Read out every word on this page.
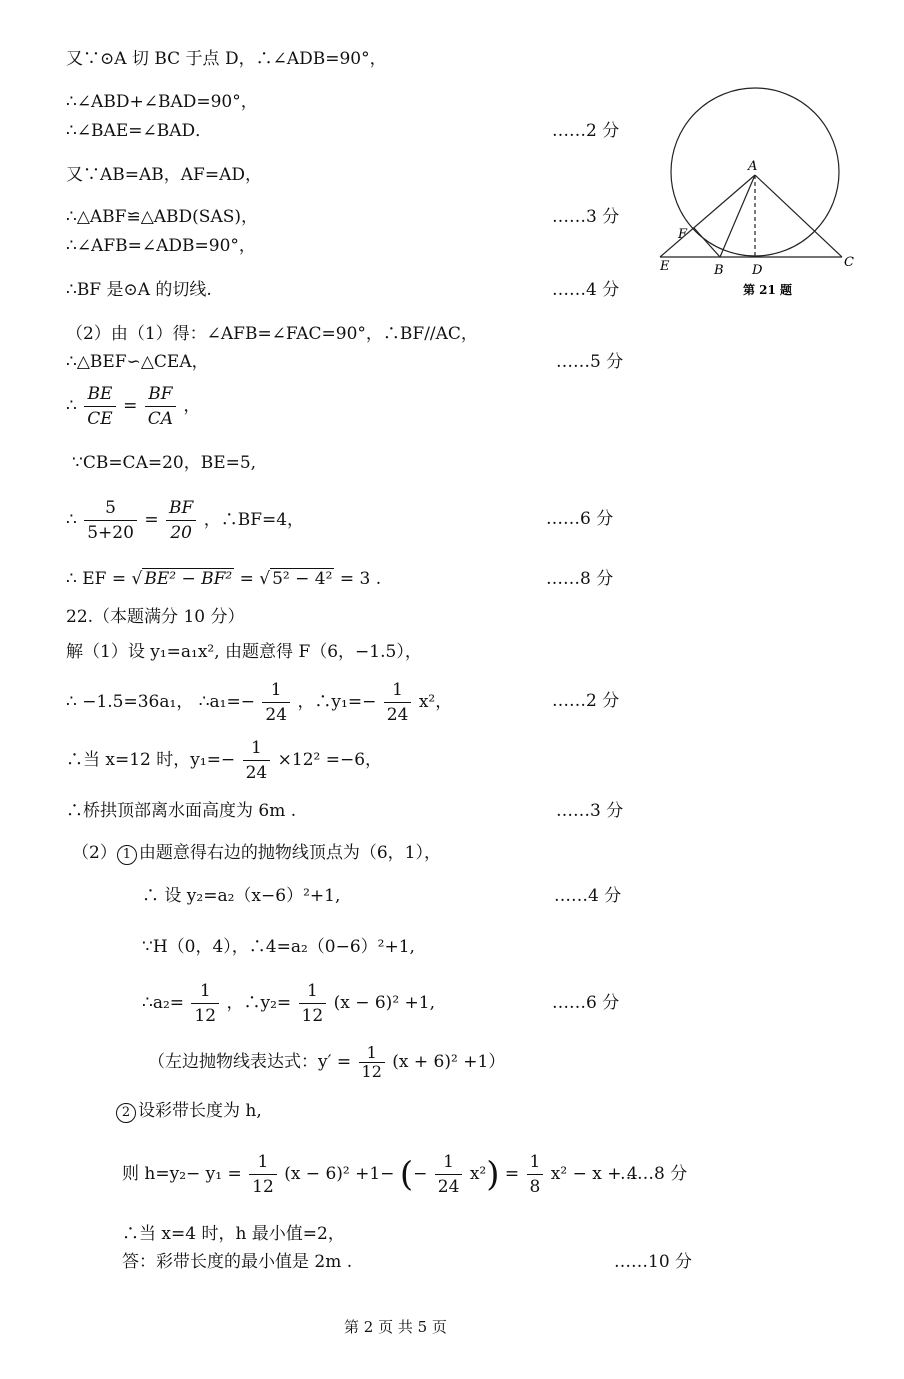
又∵⊙A 切 BC 于点 D，∴∠ADB=90°，
∴∠ABD+∠BAD=90°，
∴∠BAE=∠BAD．	……2 分
又∵AB=AB，AF=AD，
∴△ABF≌△ABD(SAS)，	……3 分
∴∠AFB=∠ADB=90°，
∴BF 是⊙A 的切线.	……4 分
（2）由（1）得：∠AFB=∠FAC=90°，∴BF//AC，
∴△BEF∽△CEA，	……5 分
∴ $\frac{BE}{CE} = \frac{BF}{CA}$ ，
∵CB=CA=20，BE=5,
∴ $\frac{5}{5+20} = \frac{BF}{20}$ ，∴BF=4，	……6 分
∴ EF = √ BE² − BF² = √ 5² − 4² = 3 .	……8 分
22.（本题满分 10 分）
解（1）设 y₁=a₁x², 由题意得 F（6，−1.5），
∴ −1.5=36a₁， ∴a₁=− $\frac{1}{24}$ ，∴y₁=− $\frac{1}{24} x^2$，	……2 分
∴当 x=12 时，$y_1=- \frac{1}{24} \times 12^2 =-6$，
∴桥拱顶部离水面高度为 6m .	……3 分
（2） 1 由题意得右边的抛物线顶点为（6，1），
∴ 设 y₂=a₂（x−6）²+1,	……4 分
∵H（0，4），∴4=a₂（0−6）²+1,
∴a₂= $\frac{1}{12}$ ，∴y₂= $\frac{1}{12} (x - 6)^2 +1$,	……6 分
（左边抛物线表达式：$y' = \frac{1}{12} (x + 6)^2 +1$）
2 设彩带长度为 h,
则 $h=y_2- y_1 = \frac{1}{12} (x - 6)^2 +1-$ (− $\frac{1}{24} x^2) = \frac{1}{8} x^2 - x + 4$
……8 分
∴当 x=4 时，h 最小值=2，
答：彩带长度的最小值是 2m .	……10 分
A
F
E	B D
C
第 21 题
第 2 页 共 5 页
